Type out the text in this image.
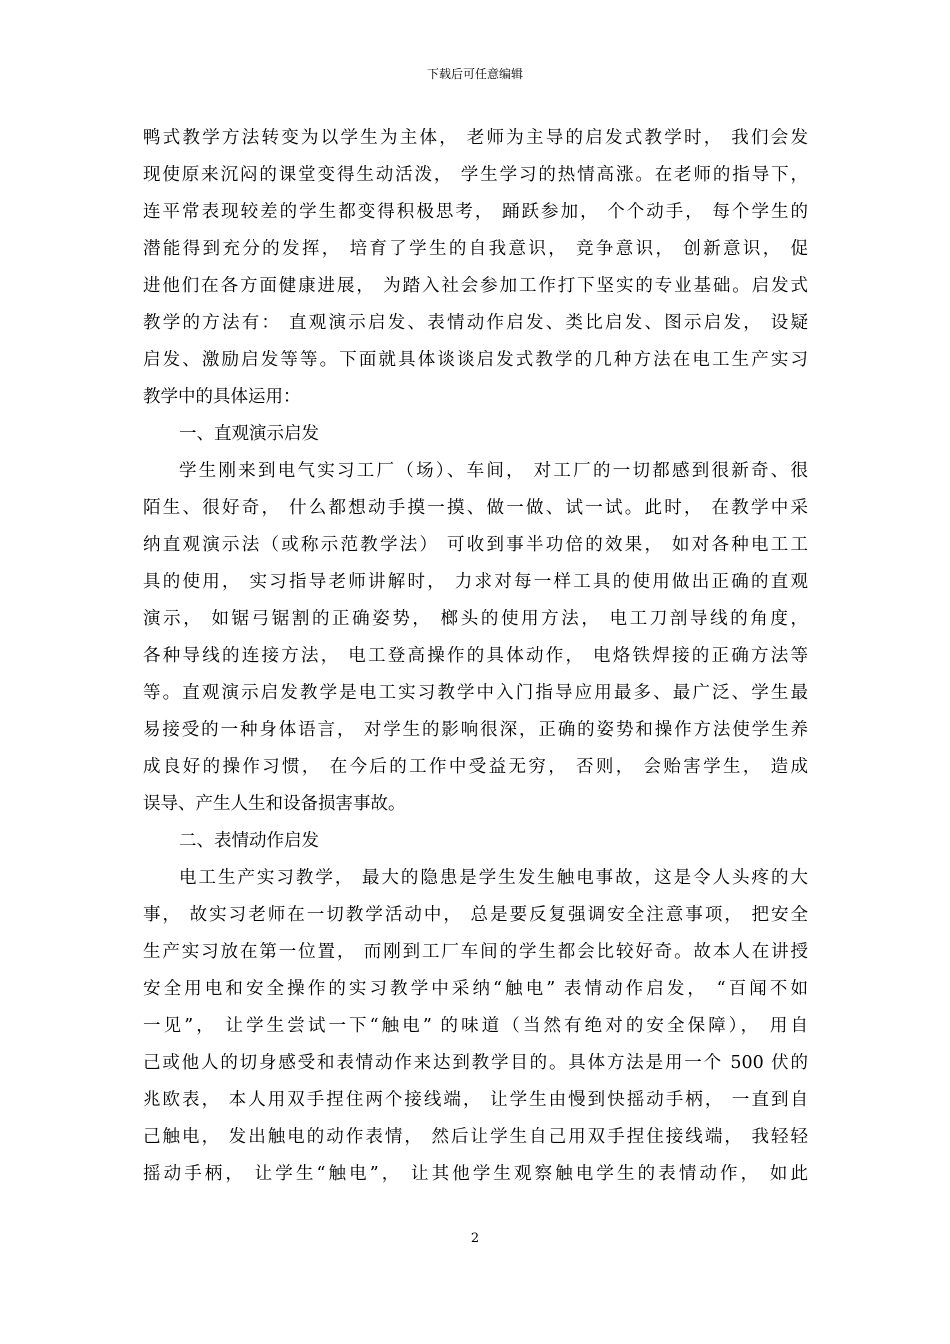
下载后可任意编辑
鸭式教学方法转变为以学生为主体， 老师为主导的启发式教学时， 我们会发
现使原来沉闷的课堂变得生动活泼， 学生学习的热情高涨。在老师的指导下，
连平常表现较差的学生都变得积极思考， 踊跃参加， 个个动手， 每个学生的
潜能得到充分的发挥， 培育了学生的自我意识， 竞争意识， 创新意识， 促
进他们在各方面健康进展， 为踏入社会参加工作打下坚实的专业基础。启发式
教学的方法有： 直观演示启发、表情动作启发、类比启发、图示启发， 设疑
启发、激励启发等等。下面就具体谈谈启发式教学的几种方法在电工生产实习
教学中的具体运用：
一、直观演示启发
学生刚来到电气实习工厂（场）、车间， 对工厂的一切都感到很新奇、很
陌生、很好奇， 什么都想动手摸一摸、做一做、试一试。此时， 在教学中采
纳直观演示法（或称示范教学法） 可收到事半功倍的效果， 如对各种电工工
具的使用， 实习指导老师讲解时， 力求对每一样工具的使用做出正确的直观
演示， 如锯弓锯割的正确姿势， 榔头的使用方法， 电工刀剖导线的角度，
各种导线的连接方法， 电工登高操作的具体动作， 电烙铁焊接的正确方法等
等。直观演示启发教学是电工实习教学中入门指导应用最多、最广泛、学生最
易接受的一种身体语言， 对学生的影响很深，正确的姿势和操作方法使学生养
成良好的操作习惯， 在今后的工作中受益无穷， 否则， 会贻害学生， 造成
误导、产生人生和设备损害事故。
二、表情动作启发
电工生产实习教学， 最大的隐患是学生发生触电事故，这是令人头疼的大
事， 故实习老师在一切教学活动中， 总是要反复强调安全注意事项， 把安全
生产实习放在第一位置， 而刚到工厂车间的学生都会比较好奇。故本人在讲授
安全用电和安全操作的实习教学中采纳“触电” 表情动作启发， “百闻不如
一见”， 让学生尝试一下“触电” 的味道（当然有绝对的安全保障）， 用自
己或他人的切身感受和表情动作来达到教学目的。具体方法是用一个 500 伏的
兆欧表， 本人用双手捏住两个接线端， 让学生由慢到快摇动手柄， 一直到自
己触电， 发出触电的动作表情， 然后让学生自己用双手捏住接线端， 我轻轻
摇动手柄， 让学生“触电”， 让其他学生观察触电学生的表情动作， 如此
2
